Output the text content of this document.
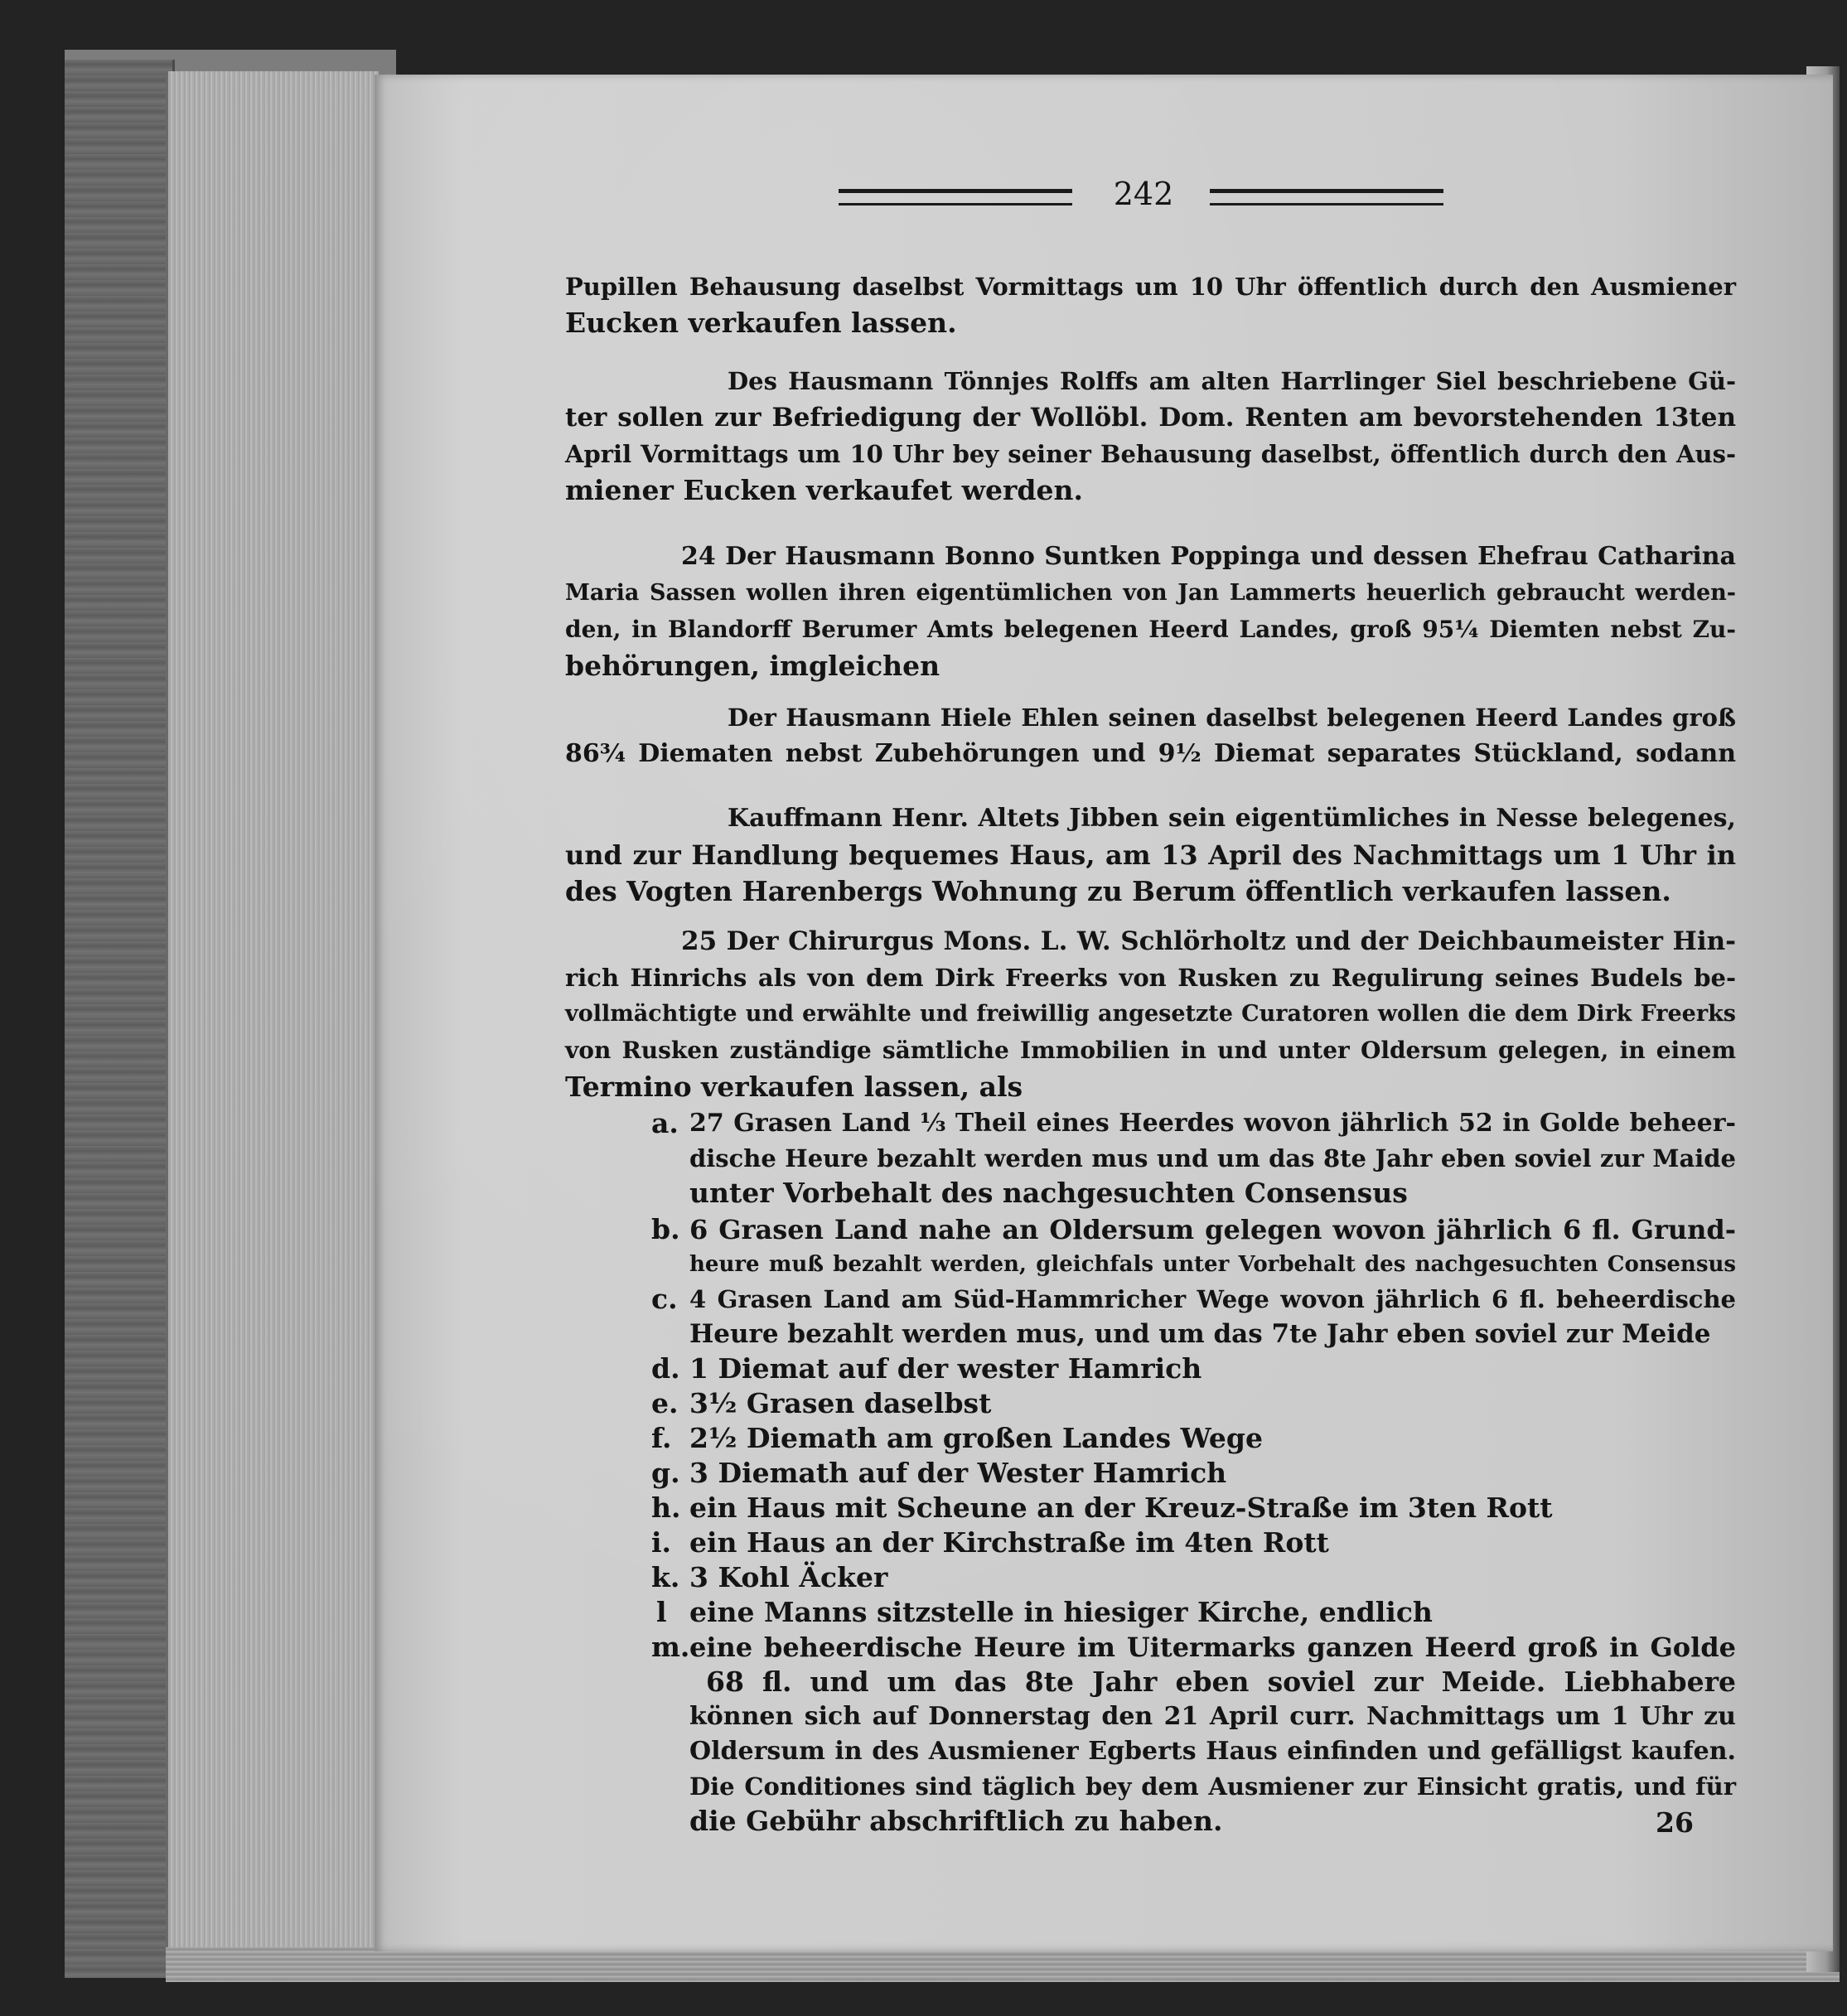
242
Pupillen Behausung daselbst Vormittags um 10 Uhr öffentlich durch den Ausmiener
Eucken verkaufen lassen.
Des Hausmann Tönnjes Rolffs am alten Harrlinger Siel beschriebene Gü-
ter sollen zur Befriedigung der Wollöbl. Dom. Renten am bevorstehenden 13ten
April Vormittags um 10 Uhr bey seiner Behausung daselbst, öffentlich durch den Aus-
miener Eucken verkaufet werden.
24 Der Hausmann Bonno Suntken Poppinga und dessen Ehefrau Catharina
Maria Sassen wollen ihren eigentümlichen von Jan Lammerts heuerlich gebraucht werden-
den, in Blandorff Berumer Amts belegenen Heerd Landes, groß 95¼ Diemten nebst Zu-
behörungen, imgleichen
Der Hausmann Hiele Ehlen seinen daselbst belegenen Heerd Landes groß
86¾ Diematen nebst Zubehörungen und 9½ Diemat separates Stückland, sodann
Kauffmann Henr. Altets Jibben sein eigentümliches in Nesse belegenes,
und zur Handlung bequemes Haus, am 13 April des Nachmittags um 1 Uhr in
des Vogten Harenbergs Wohnung zu Berum öffentlich verkaufen lassen.
25 Der Chirurgus Mons. L. W. Schlörholtz und der Deichbaumeister Hin-
rich Hinrichs als von dem Dirk Freerks von Rusken zu Regulirung seines Budels be-
vollmächtigte und erwählte und freiwillig angesetzte Curatoren wollen die dem Dirk Freerks
von Rusken zuständige sämtliche Immobilien in und unter Oldersum gelegen, in einem
Termino verkaufen lassen, als
a.
b.
c.
d.
e.
f.
g.
h.
i.
k.
l
m.
27 Grasen Land ⅓ Theil eines Heerdes wovon jährlich 52 in Golde beheer-
dische Heure bezahlt werden mus und um das 8te Jahr eben soviel zur Maide
unter Vorbehalt des nachgesuchten Consensus
6 Grasen Land nahe an Oldersum gelegen wovon jährlich 6 fl. Grund-
heure muß bezahlt werden, gleichfals unter Vorbehalt des nachgesuchten Consensus
4 Grasen Land am Süd-Hammricher Wege wovon jährlich 6 fl. beheerdische
Heure bezahlt werden mus, und um das 7te Jahr eben soviel zur Meide
1 Diemat auf der wester Hamrich
3½ Grasen daselbst
2½ Diemath am großen Landes Wege
3 Diemath auf der Wester Hamrich
ein Haus mit Scheune an der Kreuz-Straße im 3ten Rott
ein Haus an der Kirchstraße im 4ten Rott
3 Kohl Äcker
eine Manns sitzstelle in hiesiger Kirche, endlich
eine beheerdische Heure im Uitermarks ganzen Heerd groß in Golde
68 fl. und um das 8te Jahr eben soviel zur Meide. Liebhabere
können sich auf Donnerstag den 21 April curr. Nachmittags um 1 Uhr zu
Oldersum in des Ausmiener Egberts Haus einfinden und gefälligst kaufen.
Die Conditiones sind täglich bey dem Ausmiener zur Einsicht gratis, und für
die Gebühr abschriftlich zu haben.	26
